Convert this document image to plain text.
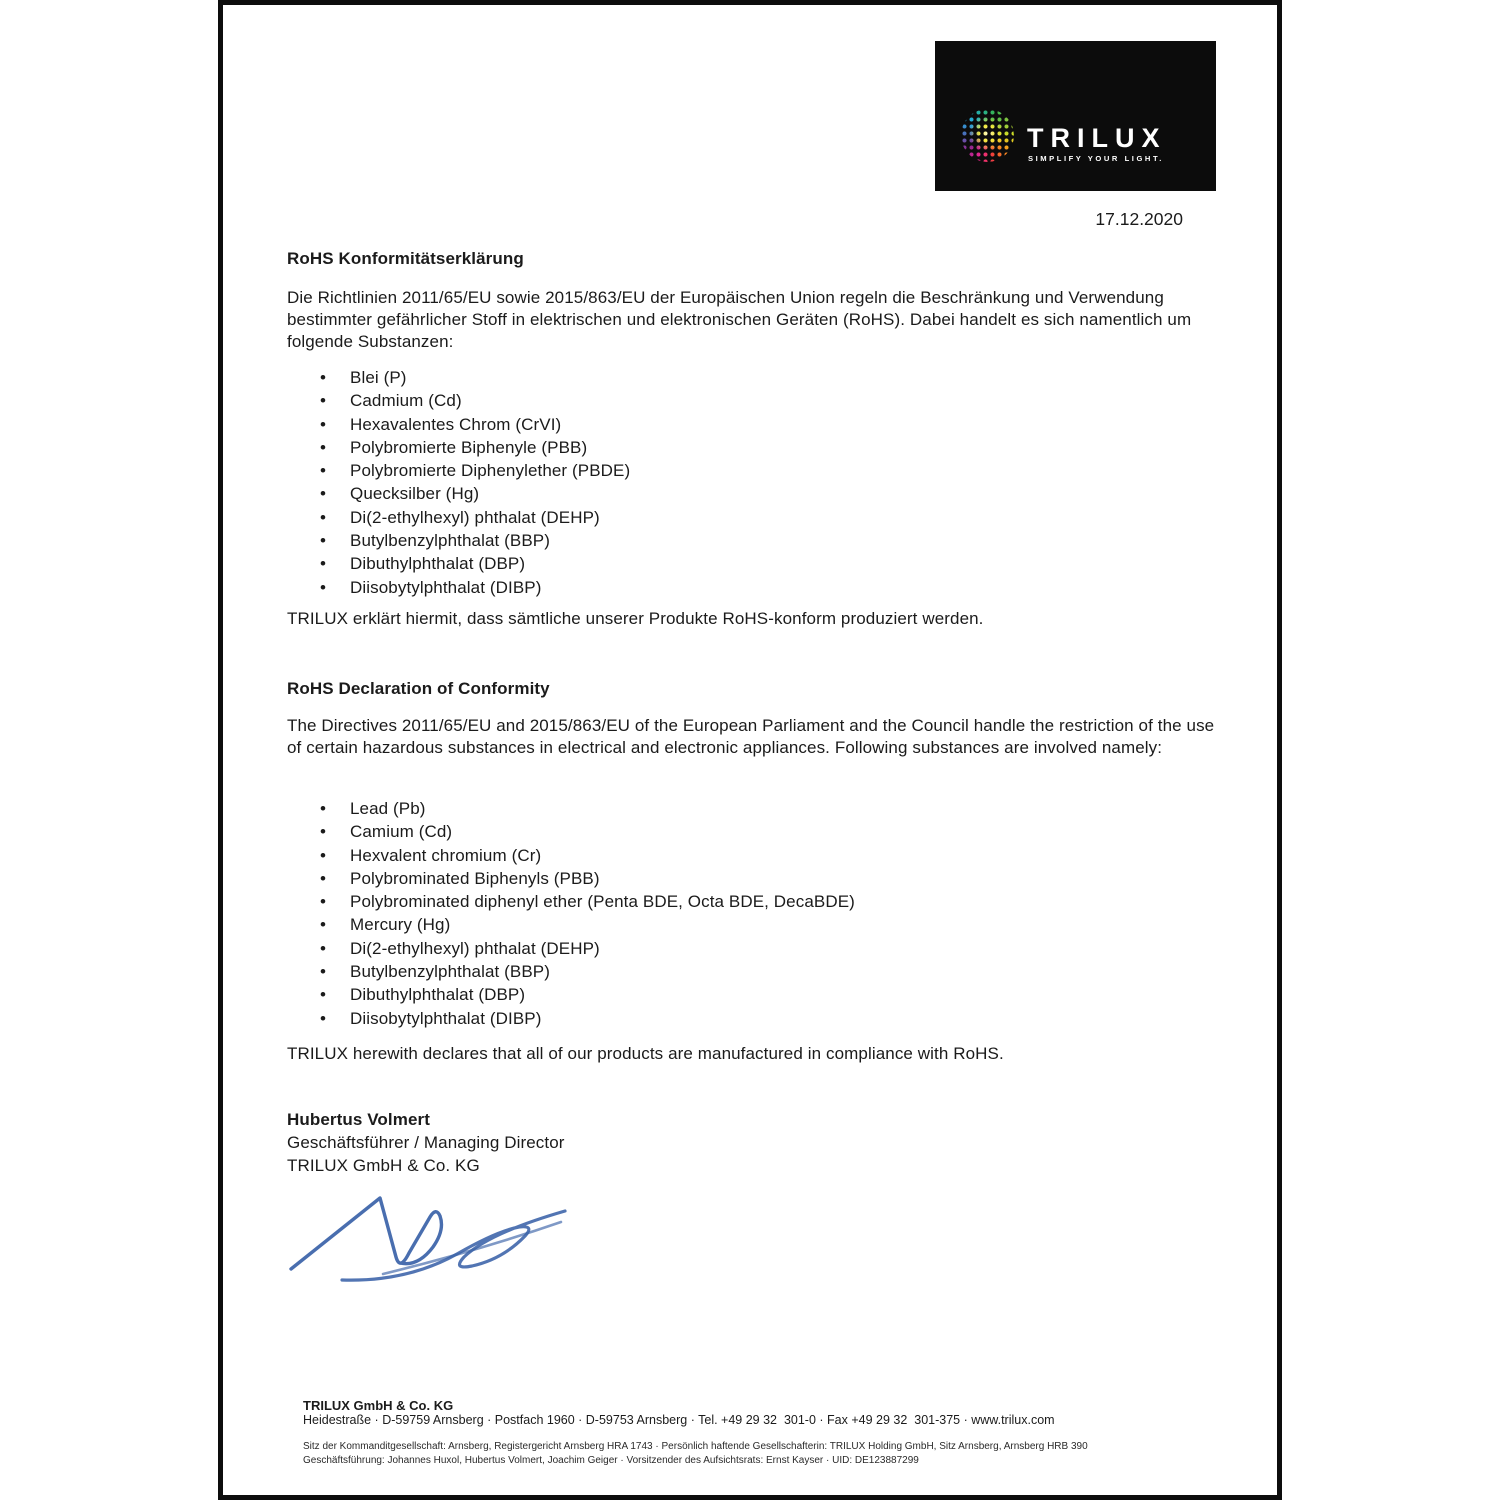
TRILUX
SIMPLIFY YOUR LIGHT.
17.12.2020
RoHS Konformitätserklärung
Die Richtlinien 2011/65/EU sowie 2015/863/EU der Europäischen Union regeln die Beschränkung und Verwendung bestimmter gefährlicher Stoff in elektrischen und elektronischen Geräten (RoHS). Dabei handelt es sich namentlich um folgende Substanzen:
• Blei (P)
• Cadmium (Cd)
• Hexavalentes Chrom (CrVI)
• Polybromierte Biphenyle (PBB)
• Polybromierte Diphenylether (PBDE)
• Quecksilber (Hg)
• Di(2-ethylhexyl) phthalat (DEHP)
• Butylbenzylphthalat (BBP)
• Dibuthylphthalat (DBP)
• Diisobytylphthalat (DIBP)
TRILUX erklärt hiermit, dass sämtliche unserer Produkte RoHS-konform produziert werden.
RoHS Declaration of Conformity
The Directives 2011/65/EU and 2015/863/EU of the European Parliament and the Council handle the restriction of the use of certain hazardous substances in electrical and electronic appliances. Following substances are involved namely:
• Lead (Pb)
• Camium (Cd)
• Hexvalent chromium (Cr)
• Polybrominated Biphenyls (PBB)
• Polybrominated diphenyl ether (Penta BDE, Octa BDE, DecaBDE)
• Mercury (Hg)
• Di(2-ethylhexyl) phthalat (DEHP)
• Butylbenzylphthalat (BBP)
• Dibuthylphthalat (DBP)
• Diisobytylphthalat (DIBP)
TRILUX herewith declares that all of our products are manufactured in compliance with RoHS.
Hubertus Volmert
Geschäftsführer / Managing Director
TRILUX GmbH & Co. KG
TRILUX GmbH & Co. KG
Heidestraße · D-59759 Arnsberg · Postfach 1960 · D-59753 Arnsberg · Tel. +49 29 32  301-0 · Fax +49 29 32  301-375 · www.trilux.com
Sitz der Kommanditgesellschaft: Arnsberg, Registergericht Arnsberg HRA 1743 · Persönlich haftende Gesellschafterin: TRILUX Holding GmbH, Sitz Arnsberg, Arnsberg HRB 390
Geschäftsführung: Johannes Huxol, Hubertus Volmert, Joachim Geiger · Vorsitzender des Aufsichtsrats: Ernst Kayser · UID: DE123887299
